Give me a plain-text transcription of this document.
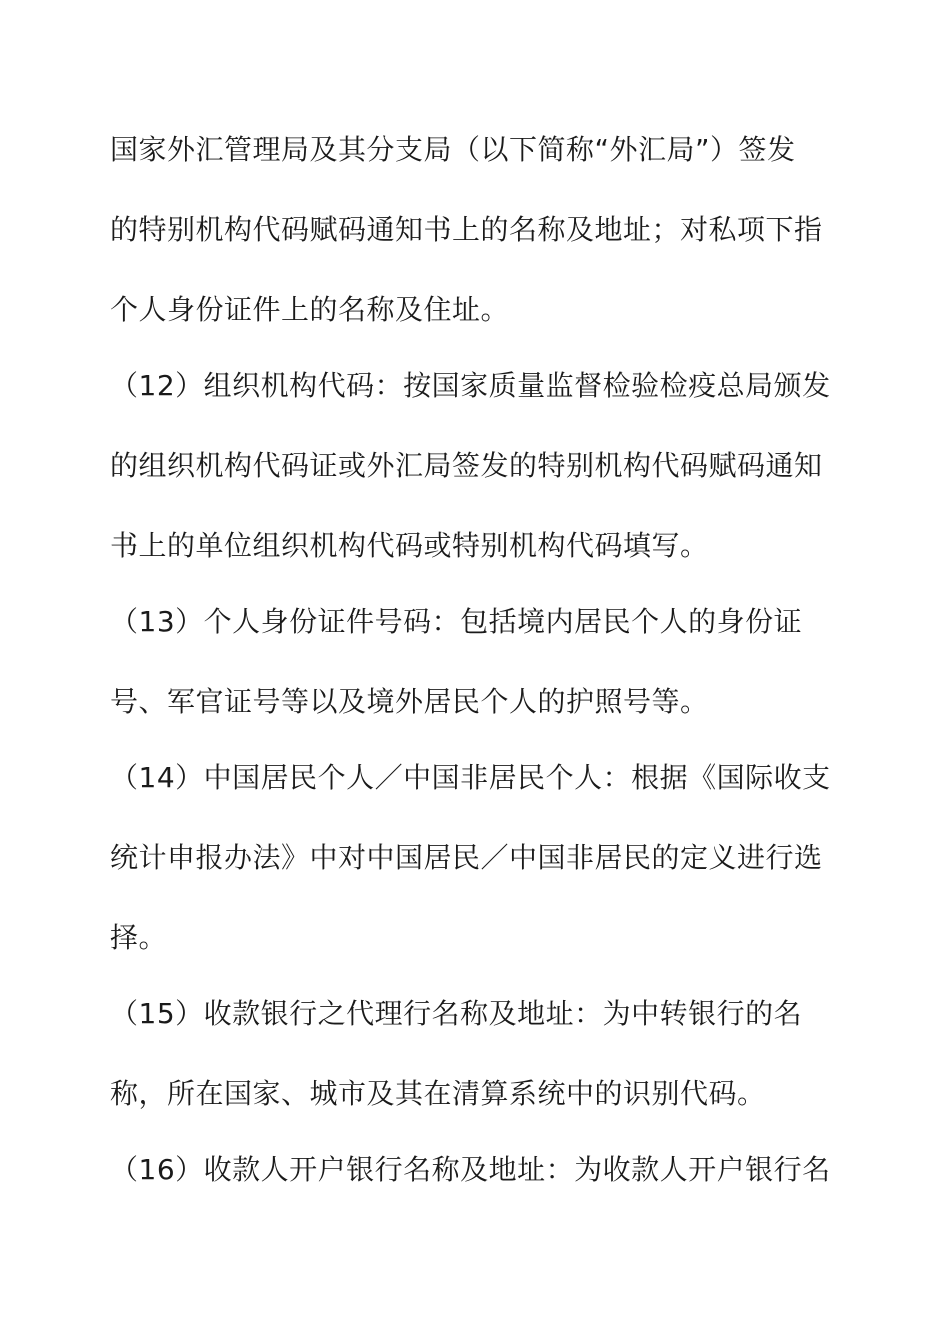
国家外汇管理局及其分支局（以下简称“外汇局”）签发
的特别机构代码赋码通知书上的名称及地址；对私项下指
个人身份证件上的名称及住址。
（12）组织机构代码：按国家质量监督检验检疫总局颁发
的组织机构代码证或外汇局签发的特别机构代码赋码通知
书上的单位组织机构代码或特别机构代码填写。
（13）个人身份证件号码：包括境内居民个人的身份证
号、军官证号等以及境外居民个人的护照号等。
（14）中国居民个人／中国非居民个人：根据《国际收支
统计申报办法》中对中国居民／中国非居民的定义进行选
择。
（15）收款银行之代理行名称及地址：为中转银行的名
称，所在国家、城市及其在清算系统中的识别代码。
（16）收款人开户银行名称及地址：为收款人开户银行名
